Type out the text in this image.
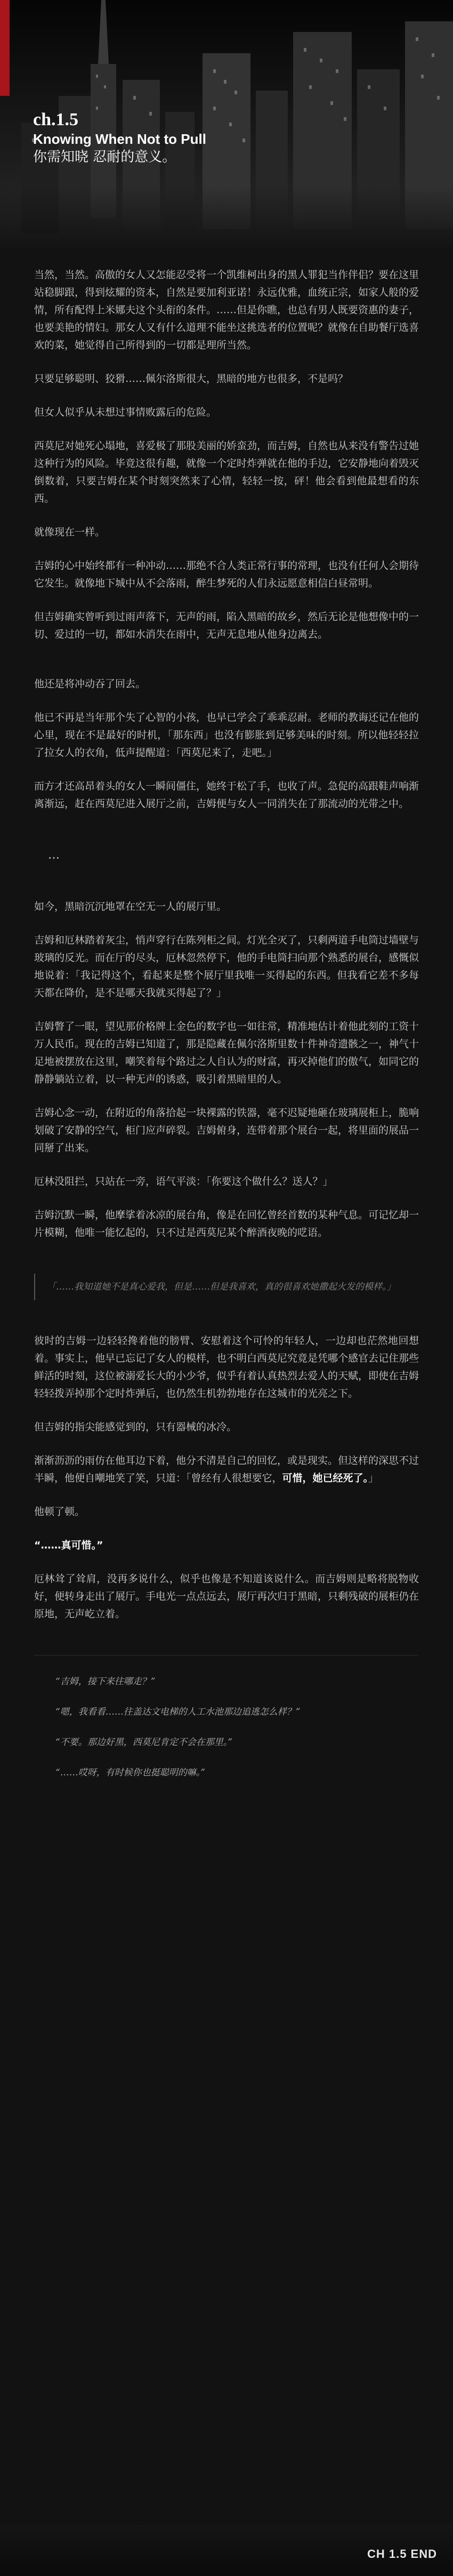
ch.1.5
Knowing When Not to Pull
你需知晓 忍耐的意义。

当然，当然。高傲的女人又怎能忍受将一个凯维柯出身的黑人罪犯当作伴侣？要在这里站稳脚跟，得到炫耀的资本，自然是要加利亚诺！永远优雅，血统正宗，如家人般的爱情，所有配得上米娜夫这个头衔的条件。……但是你瞧，也总有男人既要资惠的妻子，也要美艳的情妇。那女人又有什么道理不能坐这挑选者的位置呢？就像在自助餐厅选喜欢的菜，她觉得自己所得到的一切都是理所当然。

只要足够聪明、狡猾……佩尔洛斯很大，黑暗的地方也很多，不是吗？

但女人似乎从未想过事情败露后的危险。

西莫尼对她死心塌地，喜爱极了那股美丽的娇蛮劲，而吉姆，自然也从来没有警告过她这种行为的风险。毕竟这很有趣，就像一个定时炸弹就在他的手边，它安静地向着毁灭倒数着，只要吉姆在某个时刻突然来了心情，轻轻一按，砰！他会看到他最想看的东西。

就像现在一样。

吉姆的心中始终都有一种冲动……那绝不合人类正常行事的常理，也没有任何人会期待它发生。就像地下城中从不会落雨，醉生梦死的人们永远愿意相信白昼常明。

但吉姆确实曾听到过雨声落下，无声的雨，陷入黑暗的故乡，然后无论是他想像中的一切、爱过的一切，都如水消失在雨中，无声无息地从他身边离去。

他还是将冲动吞了回去。

他已不再是当年那个失了心智的小孩，也早已学会了乖乖忍耐。老师的教诲还记在他的心里，现在不是最好的时机，「那东西」也没有膨胀到足够美味的时刻。所以他轻轻拉了拉女人的衣角，低声提醒道：「西莫尼来了，走吧。」

而方才还高昂着头的女人一瞬间僵住，她终于松了手，也收了声。急促的高跟鞋声响渐离渐远，赶在西莫尼进入展厅之前，吉姆便与女人一同消失在了那流动的光带之中。

…

如今，黑暗沉沉地罩在空无一人的展厅里。

吉姆和厄林踏着灰尘，悄声穿行在陈列柜之间。灯光全灭了，只剩两道手电筒过墙壁与玻璃的反光。而在厅的尽头，厄林忽然停下，他的手电筒扫向那个熟悉的展台，感慨似地说着：「我记得这个，看起来是整个展厅里我唯一买得起的东西。但我看它差不多每天都在降价，是不是哪天我就买得起了？」

吉姆瞥了一眼，望见那价格牌上金色的数字也一如往常，精准地估计着他此刻的工资十万人民币。现在的吉姆已知道了，那是隐藏在佩尔洛斯里数十件神奇遗骸之一，神气十足地被摆放在这里，嘲笑着每个路过之人自认为的财富，再灭掉他们的傲气，如同它的静静躺站立着，以一种无声的诱惑，吸引着黑暗里的人。

吉姆心念一动，在附近的角落拾起一块裸露的铁器，毫不迟疑地砸在玻璃展柜上，脆响划破了安静的空气，柜门应声碎裂。吉姆俯身，连带着那个展台一起，将里面的展品一同掰了出来。

厄林没阻拦，只站在一旁，语气平淡：「你要这个做什么？送人？」

吉姆沉默一瞬，他摩挲着冰凉的展台角，像是在回忆曾经首数的某种气息。可记忆却一片模糊，他唯一能忆起的，只不过是西莫尼某个醉酒夜晚的呓语。

「……我知道她不是真心爱我，但是……但是我喜欢，真的很喜欢她撒起火发的模样。」

彼时的吉姆一边轻轻搀着他的膀臂、安慰着这个可怜的年轻人，一边却也茫然地回想着。事实上，他早已忘记了女人的模样，也不明白西莫尼究竟是凭哪个感官去记住那些鲜活的时刻，这位被溺爱长大的小少爷，似乎有着认真热烈去爱人的天赋，即使在吉姆轻轻拨弄掉那个定时炸弹后，也仍然生机勃勃地存在这城市的光亮之下。

但吉姆的指尖能感觉到的，只有器械的冰冷。

渐渐沥沥的雨仿在他耳边下着，他分不清是自己的回忆，或是现实。但这样的深思不过半瞬，他便自嘲地笑了笑，只道：「曾经有人很想要它，可惜，她已经死了。」

他顿了顿。

“……真可惜。”

厄林耸了耸肩，没再多说什么，似乎也像是不知道该说什么。而吉姆则是略将脱物收好，便转身走出了展厅。手电光一点点远去，展厅再次归于黑暗，只剩残破的展柜仍在原地，无声屹立着。

“吉姆，接下来往哪走？”

“嗯，我看看……往盖达文电梯的人工水池那边追逃怎么样？”

“不要。那边好黑，西莫尼肯定不会在那里。”

“……哎呀，有时候你也挺聪明的嘛。”

CH 1.5 END
